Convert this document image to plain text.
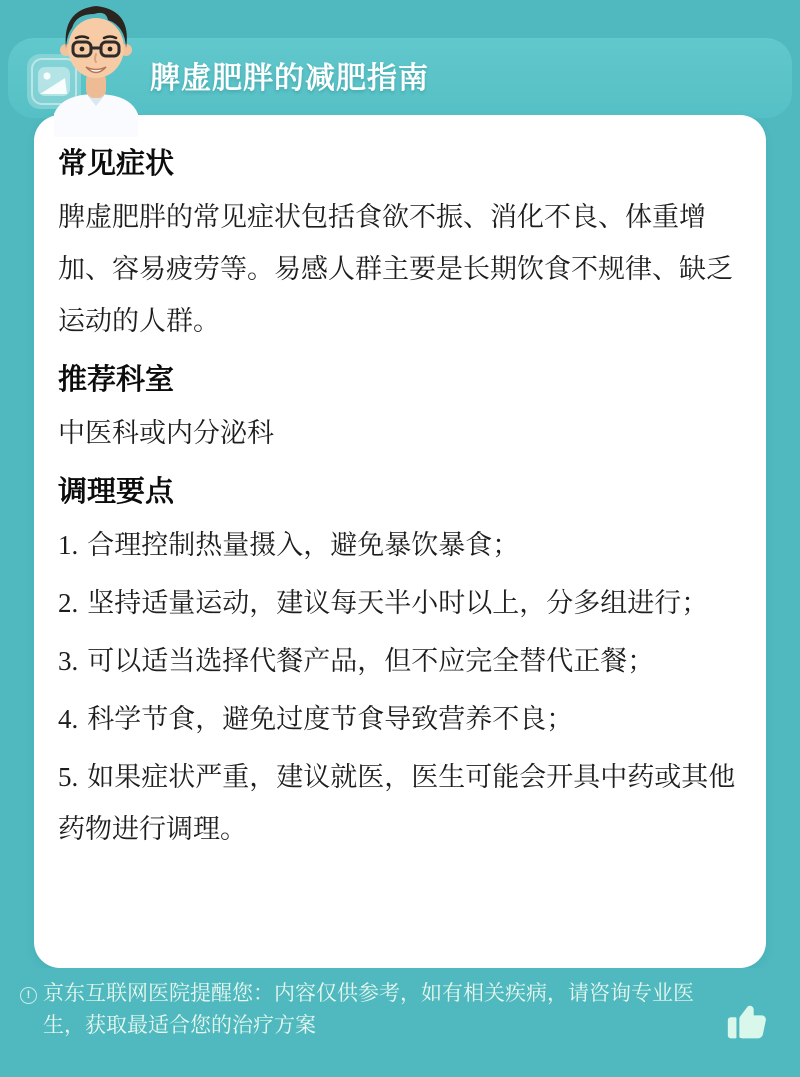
脾虚肥胖的减肥指南
常见症状

脾虚肥胖的常见症状包括食欲不振、消化不良、体重增加、容易疲劳等。易感人群主要是长期饮食不规律、缺乏运动的人群。

推荐科室

中医科或内分泌科

调理要点

1. 合理控制热量摄入，避免暴饮暴食；

2. 坚持适量运动，建议每天半小时以上，分多组进行；

3. 可以适当选择代餐产品，但不应完全替代正餐；

4. 科学节食，避免过度节食导致营养不良；

5. 如果症状严重，建议就医，医生可能会开具中药或其他药物进行调理。

! 京东互联网医院提醒您：内容仅供参考，如有相关疾病，请咨询专业医生，获取最适合您的治疗方案
